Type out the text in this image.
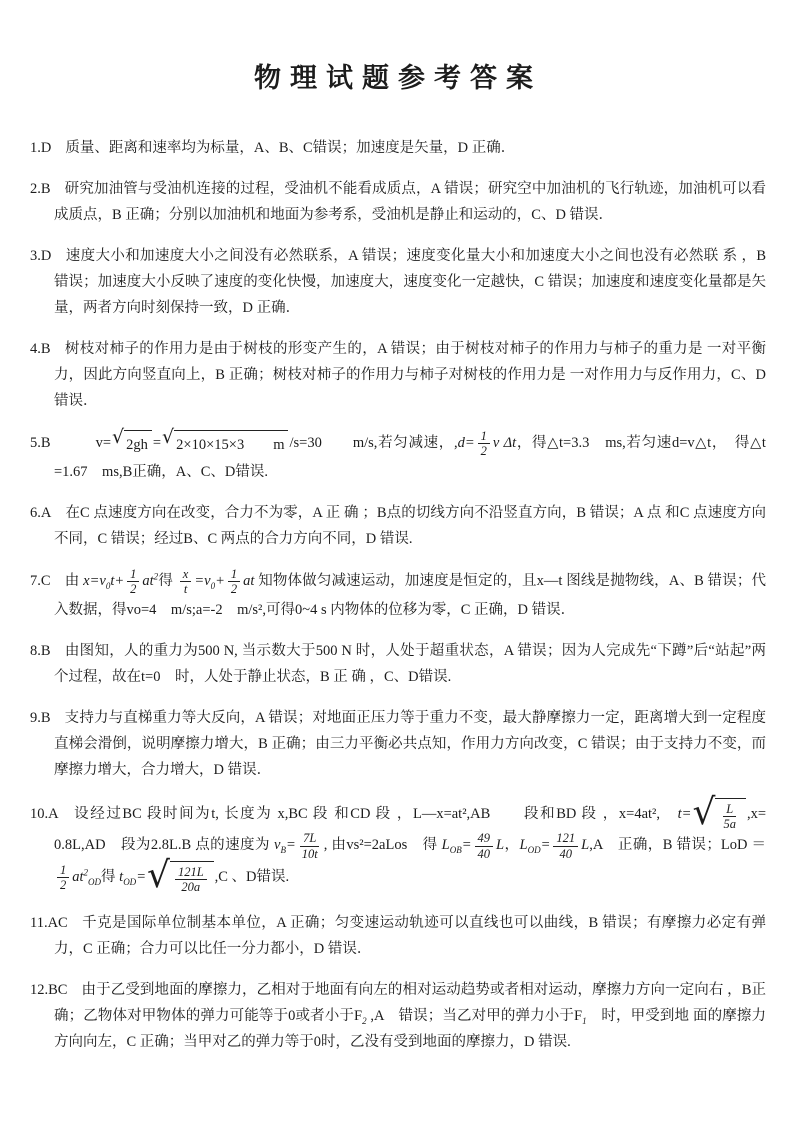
物理试题参考答案

1.D 质量、距离和速率均为标量，A、B、C错误；加速度是矢量，D 正确．

2.B 研究加油管与受油机连接的过程，受油机不能看成质点，A 错误；研究空中加油机的飞行轨迹，加油机可以看成质点，B 正确；分别以加油机和地面为参考系，受油机是静止和运动的，C、D 错误．

3.D 速度大小和加速度大小之间没有必然联系，A 错误；速度变化量大小和加速度大小之间也没有必然联 系 ，B 错误；加速度大小反映了速度的变化快慢，加速度大，速度变化一定越快，C 错误；加速度和速度变化量都是矢量，两者方向时刻保持一致，D 正确．

4.B 树枝对柿子的作用力是由于树枝的形变产生的，A 错误；由于树枝对柿子的作用力与柿子的重力是 一对平衡力，因此方向竖直向上，B 正确；树枝对柿子的作用力与柿子对树枝的作用力是 一对作用力与反作用力，C、D错误．

5.B　　v= √ 2gh = √ 2×10×15×3　　m /s=30　　m/s,若匀减速，$,d= \frac{1}{2}$ v Δt，得△t=3.3　ms,若匀速d=v△t，　得△t =1.67　ms,B正确，A、C、D错误.

6.A 在C 点速度方向在改变，合力不为零，A 正 确 ；B点的切线方向不沿竖直方向，B 错误；A 点 和C 点速度方向不同，C 错误；经过B、C 两点的合力方向不同，D 错误.

7.C 由 $x=v_0t+ \frac{1}{2} at^2$得 $\frac{x}{t} =v_0+ \frac{1}{2}$ at 知物体做匀减速运动，加速度是恒定的，且x—t 图线是抛物线，A、B 错误；代入数据，得vo=4　m/s;a=-2　m/s²,可得0~4 s 内物体的位移为零，C 正确，D 错误．

8.B 由图知，人的重力为500 N, 当示数大于500 N 时，人处于超重状态，A 错误；因为人完成先“下蹲”后“站起”两个过程，故在t=0　时，人处于静止状态，B 正 确 ，C、D错误.

9.B 支持力与直梯重力等大反向，A 错误；对地面正压力等于重力不变，最大静摩擦力一定，距离增大到一定程度直梯会滑倒，说明摩擦力增大，B 正确；由三力平衡必共点知，作用力方向改变，C 错误；由于支持力不变，而摩擦力增大，合力增大，D 错误．

10.A 设经过BC 段时间为t, 长度为 x,BC 段 和CD 段 ，L—x=at²,AB　　段和BD 段 ，x=4at²,　t= √ $\frac{L}{5a} ,x= 0.8L,AD$　段为2.8L.B 点的速度为 $v_B= \frac{7L}{10t}$ , 由vs²=2aLos　得 $L_{OB}= \frac{49}{40}$ L，$L_{OD}= \frac{121}{40} L,A$　正确，B 错误；LoD ＝
$\frac{1}{2} at^2_{OD}$得 $t_{OD}=$ √ $\frac{121L}{20a} ,C$ 、D错误.

11.AC 千克是国际单位制基本单位，A 正确；匀变速运动轨迹可以直线也可以曲线，B 错误；有摩擦力必定有弹力，C 正确；合力可以比任一分力都小，D 错误．

12.BC 由于乙受到地面的摩擦力，乙相对于地面有向左的相对运动趋势或者相对运动，摩擦力方向一定向右 ，B正确；乙物体对甲物体的弹力可能等于0或者小于$F_2$ ,A　错误；当乙对甲的弹力小于$F_1$　时，甲受到地 面的摩擦力方向向左，C 正确；当甲对乙的弹力等于0时，乙没有受到地面的摩擦力，D 错误.
